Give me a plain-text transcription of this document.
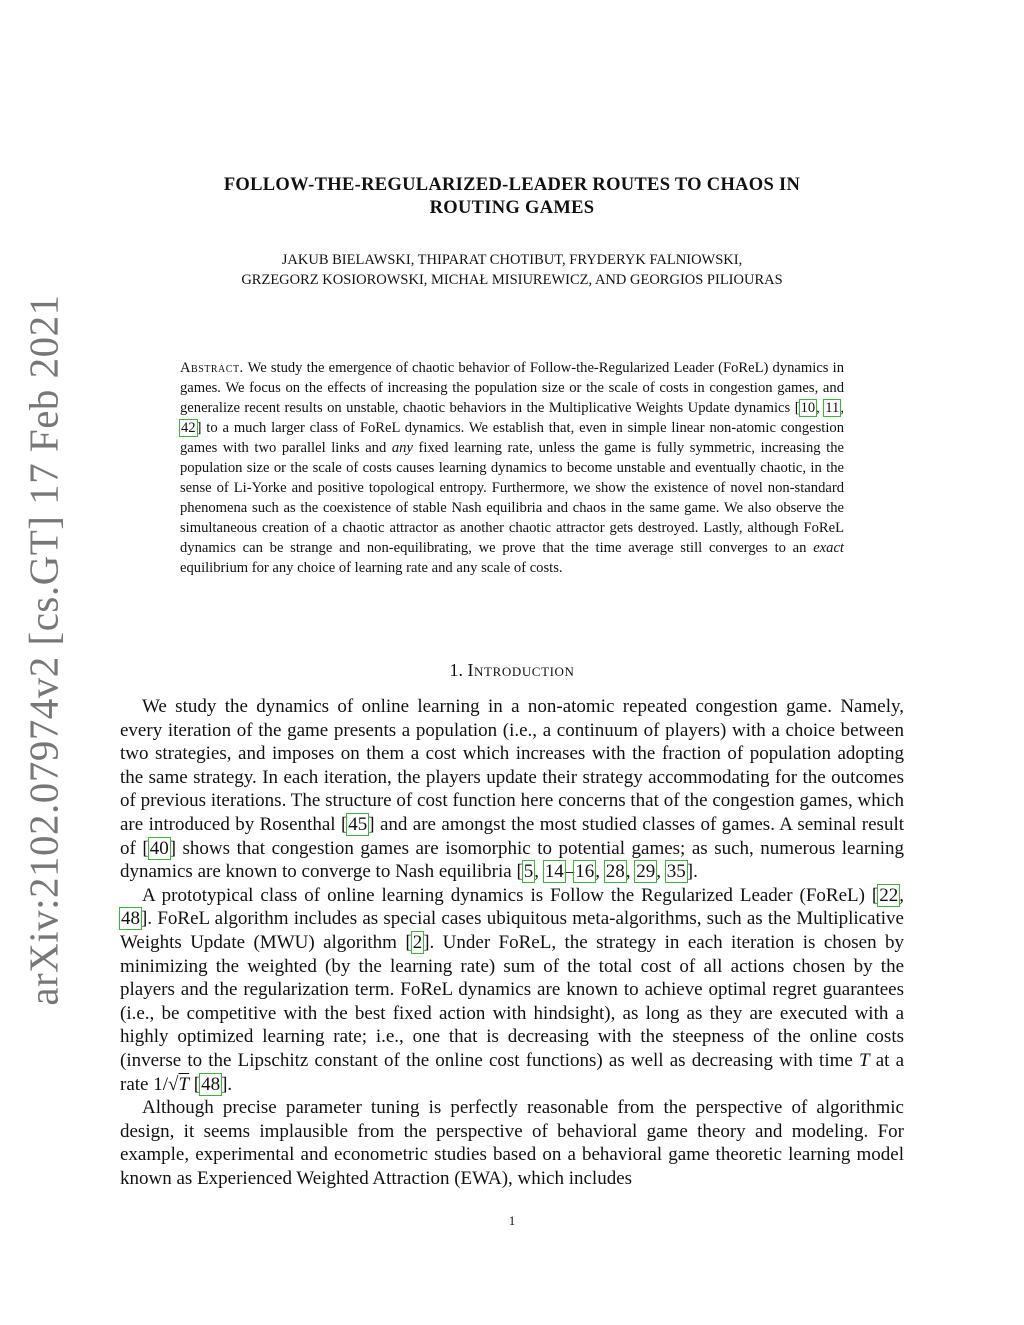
arXiv:2102.07974v2 [cs.GT] 17 Feb 2021
FOLLOW-THE-REGULARIZED-LEADER ROUTES TO CHAOS IN
ROUTING GAMES
JAKUB BIELAWSKI, THIPARAT CHOTIBUT, FRYDERYK FALNIOWSKI,
GRZEGORZ KOSIOROWSKI, MICHAŁ MISIUREWICZ, AND GEORGIOS PILIOURAS
Abstract. We study the emergence of chaotic behavior of Follow-the-Regularized Leader (FoReL) dynamics in games. We focus on the effects of increasing the population size or the scale of costs in congestion games, and generalize recent results on unstable, chaotic behaviors in the Multiplicative Weights Update dynamics [10, 11, 42] to a much larger class of FoReL dynamics. We establish that, even in simple linear non-atomic congestion games with two parallel links and any fixed learning rate, unless the game is fully symmetric, increasing the population size or the scale of costs causes learning dynamics to become unstable and eventually chaotic, in the sense of Li-Yorke and positive topological entropy. Furthermore, we show the existence of novel non-standard phenomena such as the coexistence of stable Nash equilibria and chaos in the same game. We also observe the simultaneous creation of a chaotic attractor as another chaotic attractor gets destroyed. Lastly, although FoReL dynamics can be strange and non-equilibrating, we prove that the time average still converges to an exact equilibrium for any choice of learning rate and any scale of costs.
1. Introduction

We study the dynamics of online learning in a non-atomic repeated congestion game. Namely, every iteration of the game presents a population (i.e., a continuum of players) with a choice between two strategies, and imposes on them a cost which increases with the fraction of population adopting the same strategy. In each iteration, the players update their strategy accommodating for the outcomes of previous iterations. The structure of cost function here concerns that of the congestion games, which are introduced by Rosenthal [45] and are amongst the most studied classes of games. A seminal result of [40] shows that congestion games are isomorphic to potential games; as such, numerous learning dynamics are known to converge to Nash equilibria [5, 14–16, 28, 29, 35].

A prototypical class of online learning dynamics is Follow the Regularized Leader (FoReL) [22, 48]. FoReL algorithm includes as special cases ubiquitous meta-algorithms, such as the Multiplicative Weights Update (MWU) algorithm [2]. Under FoReL, the strategy in each iteration is chosen by minimizing the weighted (by the learning rate) sum of the total cost of all actions chosen by the players and the regularization term. FoReL dynamics are known to achieve optimal regret guarantees (i.e., be competitive with the best fixed action with hindsight), as long as they are executed with a highly optimized learning rate; i.e., one that is decreasing with the steepness of the online costs (inverse to the Lipschitz constant of the online cost functions) as well as decreasing with time T at a rate 1/√T [48].

Although precise parameter tuning is perfectly reasonable from the perspective of algorithmic design, it seems implausible from the perspective of behavioral game theory and modeling. For example, experimental and econometric studies based on a behavioral game theoretic learning model known as Experienced Weighted Attraction (EWA), which includes

1
